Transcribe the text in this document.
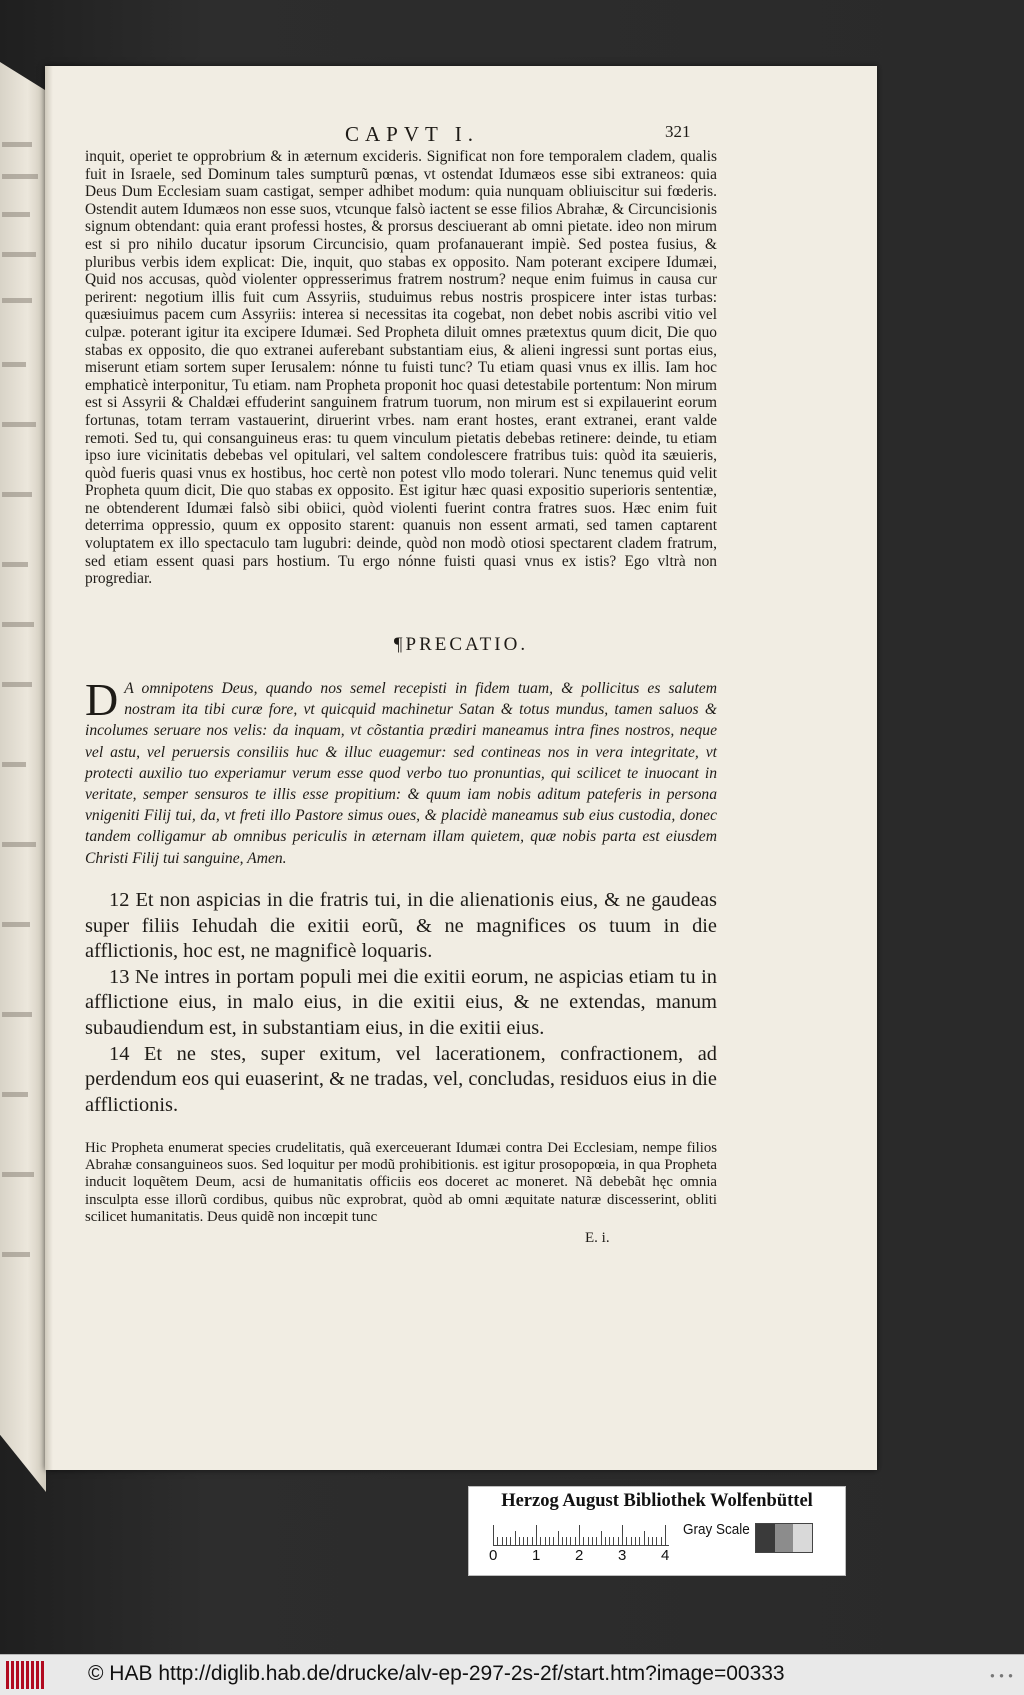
CAPVT I.	321
inquit, operiet te opprobrium & in æternum excideris. Significat non fore temporalem cladem, qualis fuit in Israele, sed Dominum tales sumpturũ pœnas, vt ostendat Idumæos esse sibi extraneos: quia Deus Dum Ecclesiam suam castigat, semper adhibet modum: quia nunquam obliuiscitur sui fœderis. Ostendit autem Idumæos non esse suos, vtcunque falsò iactent se esse filios Abrahæ, & Circuncisionis signum obtendant: quia erant professi hostes, & prorsus desciuerant ab omni pietate. ideo non mirum est si pro nihilo ducatur ipsorum Circuncisio, quam profanauerant impiè. Sed postea fusius, & pluribus verbis idem explicat: Die, inquit, quo stabas ex opposito. Nam poterant excipere Idumæi, Quid nos accusas, quòd violenter oppresserimus fratrem nostrum? neque enim fuimus in causa cur perirent: negotium illis fuit cum Assyriis, studuimus rebus nostris prospicere inter istas turbas: quæsiuimus pacem cum Assyriis: interea si necessitas ita cogebat, non debet nobis ascribi vitio vel culpæ. poterant igitur ita excipere Idumæi. Sed Propheta diluit omnes prætextus quum dicit, Die quo stabas ex opposito, die quo extranei auferebant substantiam eius, & alieni ingressi sunt portas eius, miserunt etiam sortem super Ierusalem: nónne tu fuisti tunc? Tu etiam quasi vnus ex illis. Iam hoc emphaticè interponitur, Tu etiam. nam Propheta proponit hoc quasi detestabile portentum: Non mirum est si Assyrii & Chaldæi effuderint sanguinem fratrum tuorum, non mirum est si expilauerint eorum fortunas, totam terram vastauerint, diruerint vrbes. nam erant hostes, erant extranei, erant valde remoti. Sed tu, qui consanguineus eras: tu quem vinculum pietatis debebas retinere: deinde, tu etiam ipso iure vicinitatis debebas vel opitulari, vel saltem condolescere fratribus tuis: quòd ita sæuieris, quòd fueris quasi vnus ex hostibus, hoc certè non potest vllo modo tolerari. Nunc tenemus quid velit Propheta quum dicit, Die quo stabas ex opposito. Est igitur hæc quasi expositio superioris sententiæ, ne obtenderent Idumæi falsò sibi obiici, quòd violenti fuerint contra fratres suos. Hæc enim fuit deterrima oppressio, quum ex opposito starent: quanuis non essent armati, sed tamen captarent voluptatem ex illo spectaculo tam lugubri: deinde, quòd non modò otiosi spectarent cladem fratrum, sed etiam essent quasi pars hostium. Tu ergo nónne fuisti quasi vnus ex istis? Ego vltrà non progrediar.
¶PRECATIO.
D A omnipotens Deus, quando nos semel recepisti in fidem tuam, & pollicitus es salutem nostram ita tibi curæ fore, vt quicquid machinetur Satan & totus mundus, tamen saluos & incolumes seruare nos velis: da inquam, vt cõstantia prædiri maneamus intra fines nostros, neque vel astu, vel peruersis consiliis huc & illuc euagemur: sed contineas nos in vera integritate, vt protecti auxilio tuo experiamur verum esse quod verbo tuo pronuntias, qui scilicet te inuocant in veritate, semper sensuros te illis esse propitium: & quum iam nobis aditum pateferis in persona vnigeniti Filij tui, da, vt freti illo Pastore simus oues, & placidè maneamus sub eius custodia, donec tandem colligamur ab omnibus periculis in æternam illam quietem, quæ nobis parta est eiusdem Christi Filij tui sanguine, Amen.

12 Et non aspicias in die fratris tui, in die alienationis eius, & ne gaudeas super filiis Iehudah die exitii eorũ, & ne magnifices os tuum in die afflictionis, hoc est, ne magnificè loquaris.

13 Ne intres in portam populi mei die exitii eorum, ne aspicias etiam tu in afflictione eius, in malo eius, in die exitii eius, & ne extendas, manum subaudiendum est, in substantiam eius, in die exitii eius.

14 Et ne stes, super exitum, vel lacerationem, confractionem, ad perdendum eos qui euaserint, & ne tradas, vel, concludas, residuos eius in die afflictionis.

Hic Propheta enumerat species crudelitatis, quã exerceuerant Idumæi contra Dei Ecclesiam, nempe filios Abrahæ consanguineos suos. Sed loquitur per modũ prohibitionis. est igitur prosopopœia, in qua Propheta inducit loquẽtem Deum, acsi de humanitatis officiis eos doceret ac moneret. Nã debebãt hęc omnia insculpta esse illorũ cordibus, quibus nũc exprobrat, quòd ab omni æquitate naturæ discesserint, obliti scilicet humanitatis. Deus quidẽ non incœpit tunc
E. i.
Herzog August Bibliothek Wolfenbüttel
0 1 2 3 4
Gray Scale
© HAB http://diglib.hab.de/drucke/alv-ep-297-2s-2f/start.htm?image=00333	● ● ●
